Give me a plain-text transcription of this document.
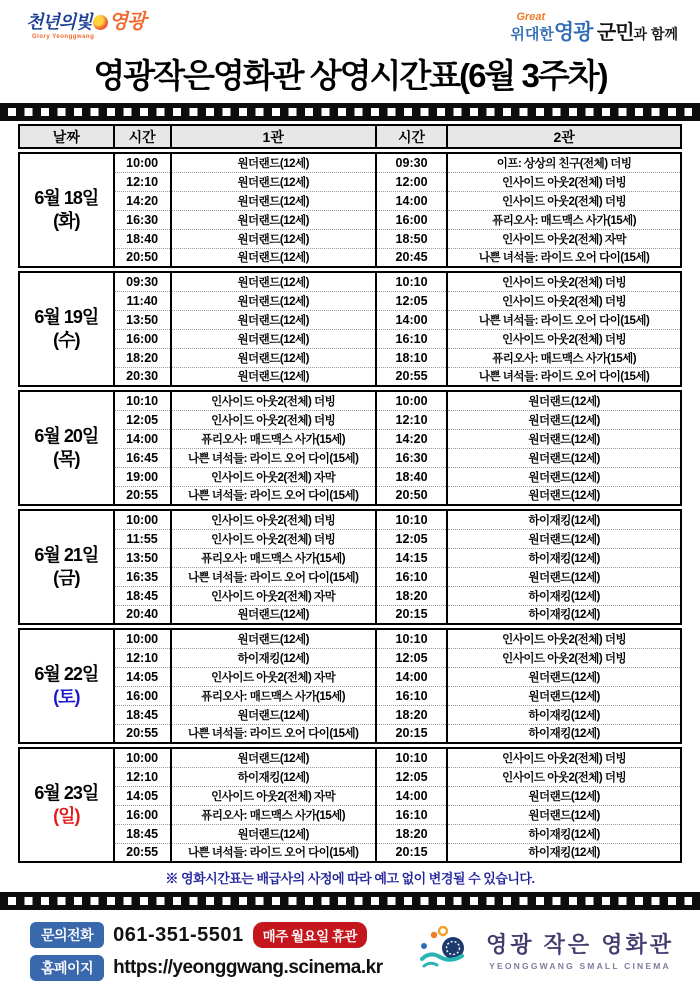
천년의빛 영광
Glory Yeonggwang
Great
위대한영광 군민과 함께
영광작은영화관 상영시간표(6월 3주차)
날짜	시간	1관	시간	2관
6월 18일
(화)	10:00	원더랜드(12세)	09:30	이프: 상상의 친구(전체) 더빙
	12:10	원더랜드(12세)	12:00	인사이드 아웃2(전체) 더빙
	14:20	원더랜드(12세)	14:00	인사이드 아웃2(전체) 더빙
	16:30	원더랜드(12세)	16:00	퓨리오사: 매드맥스 사가(15세)
	18:40	원더랜드(12세)	18:50	인사이드 아웃2(전체) 자막
	20:50	원더랜드(12세)	20:45	나쁜 녀석들: 라이드 오어 다이(15세)
6월 19일
(수)	09:30	원더랜드(12세)	10:10	인사이드 아웃2(전체) 더빙
	11:40	원더랜드(12세)	12:05	인사이드 아웃2(전체) 더빙
	13:50	원더랜드(12세)	14:00	나쁜 녀석들: 라이드 오어 다이(15세)
	16:00	원더랜드(12세)	16:10	인사이드 아웃2(전체) 더빙
	18:20	원더랜드(12세)	18:10	퓨리오사: 매드맥스 사가(15세)
	20:30	원더랜드(12세)	20:55	나쁜 녀석들: 라이드 오어 다이(15세)
6월 20일
(목)	10:10	인사이드 아웃2(전체) 더빙	10:00	원더랜드(12세)
	12:05	인사이드 아웃2(전체) 더빙	12:10	원더랜드(12세)
	14:00	퓨리오사: 매드맥스 사가(15세)	14:20	원더랜드(12세)
	16:45	나쁜 녀석들: 라이드 오어 다이(15세)	16:30	원더랜드(12세)
	19:00	인사이드 아웃2(전체) 자막	18:40	원더랜드(12세)
	20:55	나쁜 녀석들: 라이드 오어 다이(15세)	20:50	원더랜드(12세)
6월 21일
(금)	10:00	인사이드 아웃2(전체) 더빙	10:10	하이재킹(12세)
	11:55	인사이드 아웃2(전체) 더빙	12:05	원더랜드(12세)
	13:50	퓨리오사: 매드맥스 사가(15세)	14:15	하이재킹(12세)
	16:35	나쁜 녀석들: 라이드 오어 다이(15세)	16:10	원더랜드(12세)
	18:45	인사이드 아웃2(전체) 자막	18:20	하이재킹(12세)
	20:40	원더랜드(12세)	20:15	하이재킹(12세)
6월 22일
(토)	10:00	원더랜드(12세)	10:10	인사이드 아웃2(전체) 더빙
	12:10	하이재킹(12세)	12:05	인사이드 아웃2(전체) 더빙
	14:05	인사이드 아웃2(전체) 자막	14:00	원더랜드(12세)
	16:00	퓨리오사: 매드맥스 사가(15세)	16:10	원더랜드(12세)
	18:45	원더랜드(12세)	18:20	하이재킹(12세)
	20:55	나쁜 녀석들: 라이드 오어 다이(15세)	20:15	하이재킹(12세)
6월 23일
(일)	10:00	원더랜드(12세)	10:10	인사이드 아웃2(전체) 더빙
	12:10	하이재킹(12세)	12:05	인사이드 아웃2(전체) 더빙
	14:05	인사이드 아웃2(전체) 자막	14:00	원더랜드(12세)
	16:00	퓨리오사: 매드맥스 사가(15세)	16:10	원더랜드(12세)
	18:45	원더랜드(12세)	18:20	하이재킹(12세)
	20:55	나쁜 녀석들: 라이드 오어 다이(15세)	20:15	하이재킹(12세)
※ 영화시간표는 배급사의 사정에 따라 예고 없이 변경될 수 있습니다.
문의전화	061-351-5501	매주 월요일 휴관
홈페이지	https://yeonggwang.scinema.kr
영광 작은 영화관
YEONGGWANG SMALL CINEMA
